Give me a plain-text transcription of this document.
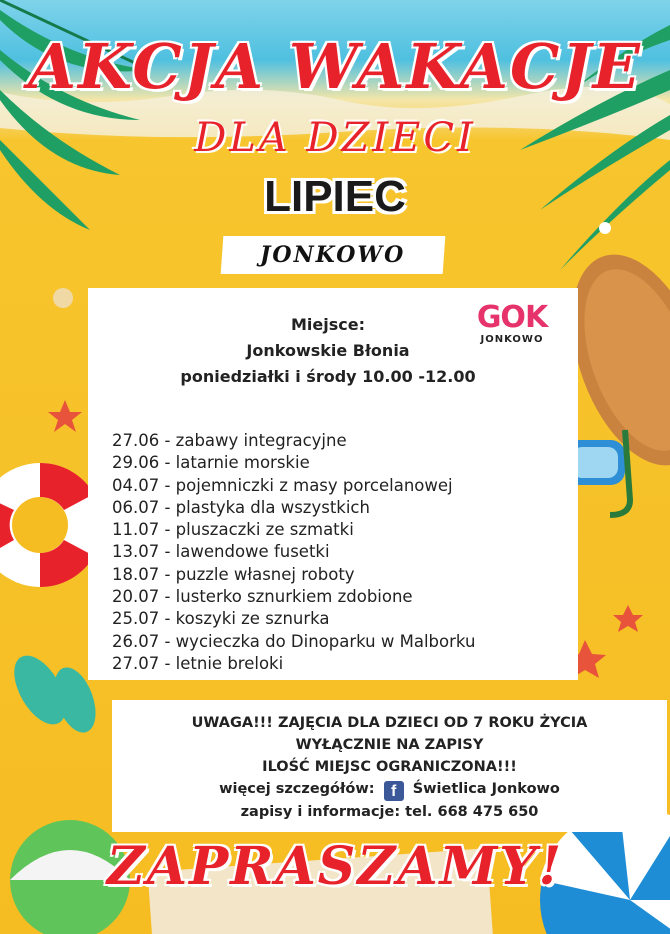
AKCJA WAKACJE
DLA DZIECI
LIPIEC
JONKOWO
Miejsce:
Jonkowskie Błonia
poniedziałki i środy 10.00 -12.00
GOK
JONKOWO
27.06 - zabawy integracyjne
29.06 - latarnie morskie
04.07 - pojemniczki z masy porcelanowej
06.07 - plastyka dla wszystkich
11.07 - pluszaczki ze szmatki
13.07 - lawendowe fusetki
18.07 - puzzle własnej roboty
20.07 - lusterko sznurkiem zdobione
25.07 - koszyki ze sznurka
26.07 - wycieczka do Dinoparku w Malborku
27.07 - letnie breloki
UWAGA!!! ZAJĘCIA DLA DZIECI OD 7 ROKU ŻYCIA
WYŁĄCZNIE NA ZAPISY
ILOŚĆ MIEJSC OGRANICZONA!!!
więcej szczegółów: f Świetlica Jonkowo
zapisy i informacje: tel. 668 475 650
ZAPRASZAMY!
